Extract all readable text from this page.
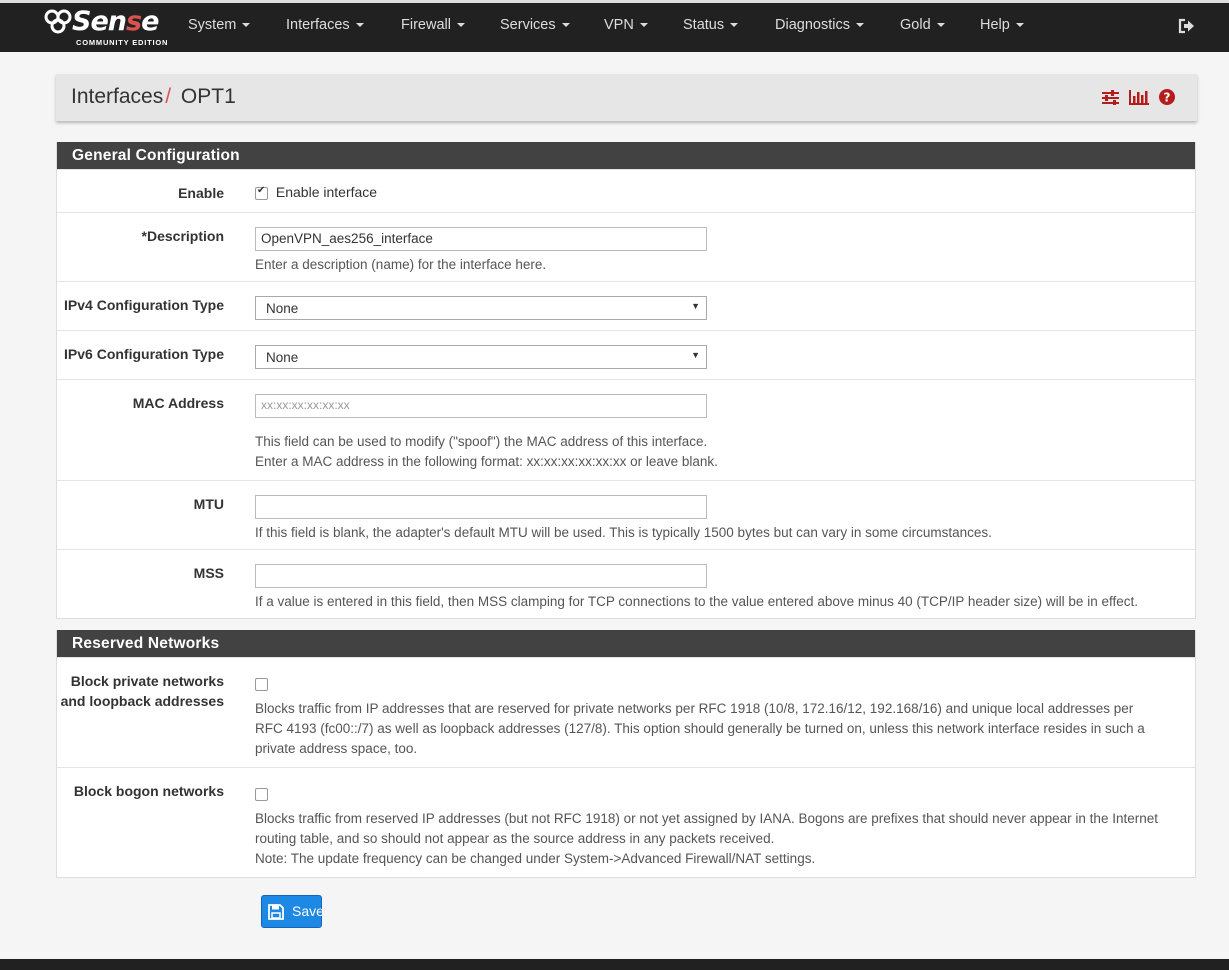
Sense
COMMUNITY EDITION
System	Interfaces	Firewall	Services	VPN	Status	Diagnostics	Gold	Help
Interfaces/ OPT1
	?
General Configuration
Enable
✔	Enable interface
*Description	OpenVPN_aes256_interface
Enter a description (name) for the interface here.
IPv4 Configuration Type	None	▼
IPv6 Configuration Type	None	▼
MAC Address	xx:xx:xx:xx:xx:xx
This field can be used to modify ("spoof") the MAC address of this interface.
Enter a MAC address in the following format: xx:xx:xx:xx:xx:xx or leave blank.
MTU
If this field is blank, the adapter's default MTU will be used. This is typically 1500 bytes but can vary in some circumstances.
MSS
If a value is entered in this field, then MSS clamping for TCP connections to the value entered above minus 40 (TCP/IP header size) will be in effect.
Reserved Networks
Block private networks
and loopback addresses Blocks traffic from IP addresses that are reserved for private networks per RFC 1918 (10/8, 172.16/12, 192.168/16) and unique local addresses per
RFC 4193 (fc00::/7) as well as loopback addresses (127/8). This option should generally be turned on, unless this network interface resides in such a
private address space, too.
Block bogon networks
Blocks traffic from reserved IP addresses (but not RFC 1918) or not yet assigned by IANA. Bogons are prefixes that should never appear in the Internet
routing table, and so should not appear as the source address in any packets received.
Note: The update frequency can be changed under System->Advanced Firewall/NAT settings.
Save
